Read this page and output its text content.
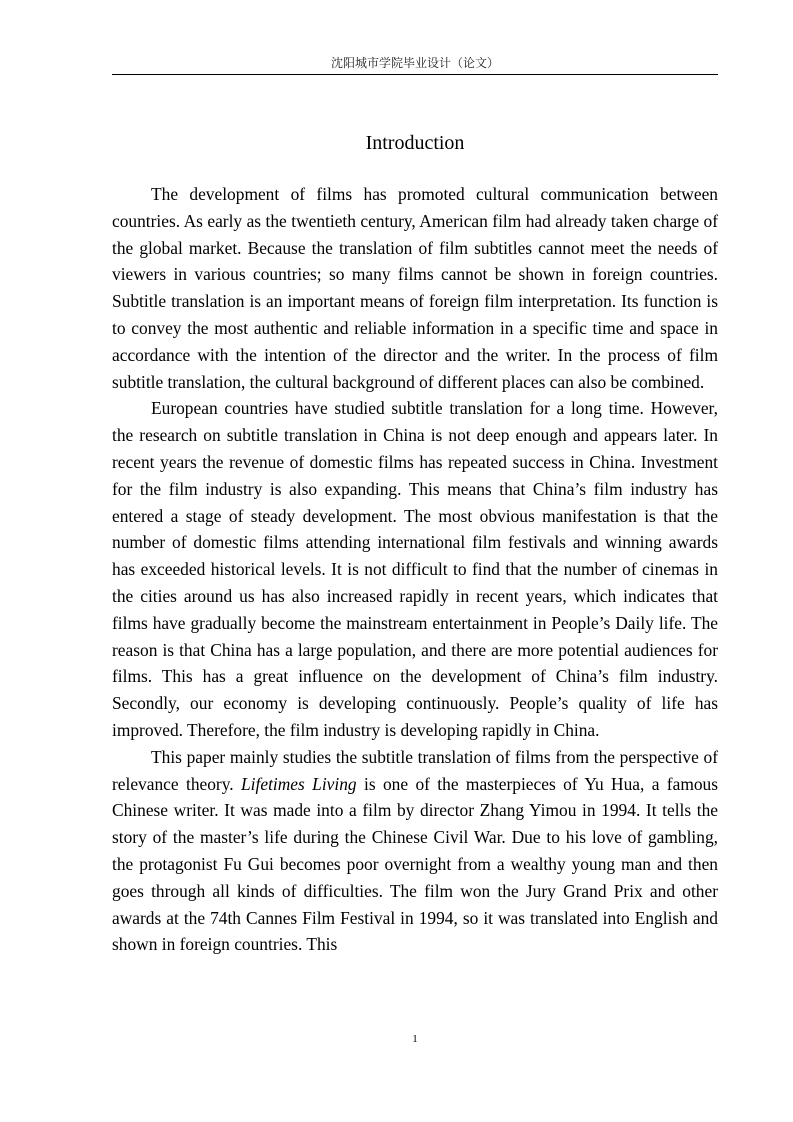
沈阳城市学院毕业设计（论文）
Introduction

The development of films has promoted cultural communication between countries. As early as the twentieth century, American film had already taken charge of the global market. Because the translation of film subtitles cannot meet the needs of viewers in various countries; so many films cannot be shown in foreign countries. Subtitle translation is an important means of foreign film interpretation. Its function is to convey the most authentic and reliable information in a specific time and space in accordance with the intention of the director and the writer. In the process of film subtitle translation, the cultural background of different places can also be combined.

European countries have studied subtitle translation for a long time. However, the research on subtitle translation in China is not deep enough and appears later. In recent years the revenue of domestic films has repeated success in China. Investment for the film industry is also expanding. This means that China’s film industry has entered a stage of steady development. The most obvious manifestation is that the number of domestic films attending international film festivals and winning awards has exceeded historical levels. It is not difficult to find that the number of cinemas in the cities around us has also increased rapidly in recent years, which indicates that films have gradually become the mainstream entertainment in People’s Daily life. The reason is that China has a large population, and there are more potential audiences for films. This has a great influence on the development of China’s film industry. Secondly, our economy is developing continuously. People’s quality of life has improved. Therefore, the film industry is developing rapidly in China.

This paper mainly studies the subtitle translation of films from the perspective of relevance theory. Lifetimes Living is one of the masterpieces of Yu Hua, a famous Chinese writer. It was made into a film by director Zhang Yimou in 1994. It tells the story of the master’s life during the Chinese Civil War. Due to his love of gambling, the protagonist Fu Gui becomes poor overnight from a wealthy young man and then goes through all kinds of difficulties. The film won the Jury Grand Prix and other awards at the 74th Cannes Film Festival in 1994, so it was translated into English and shown in foreign countries. This

1
